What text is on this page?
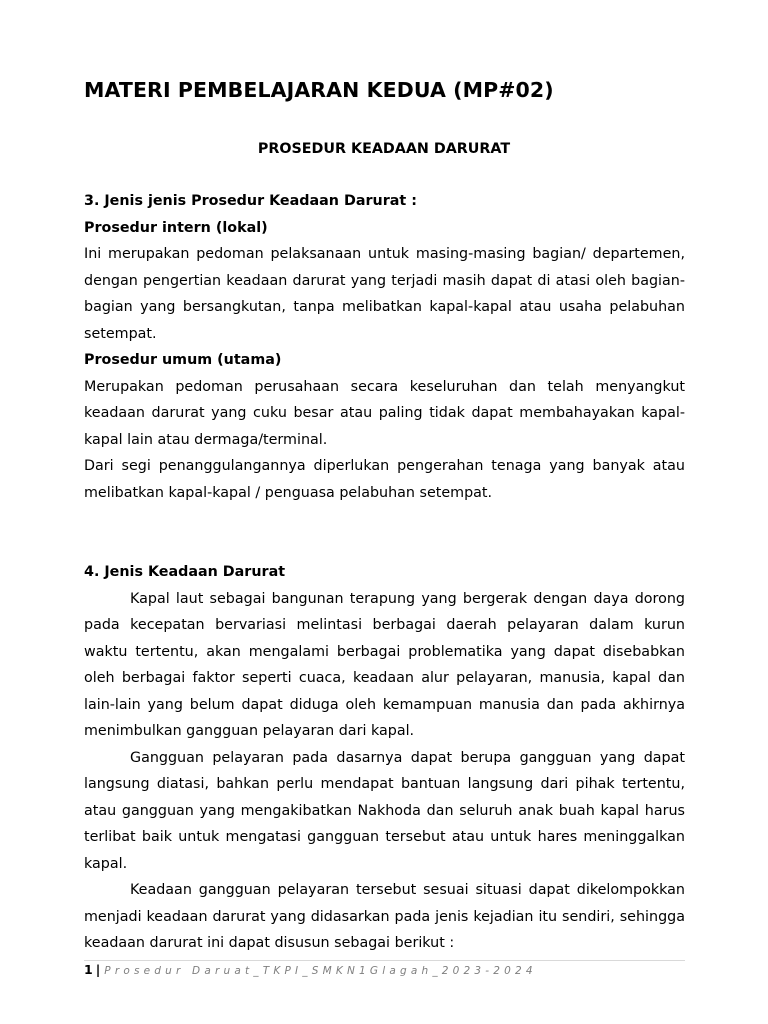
MATERI PEMBELAJARAN KEDUA (MP#02)
PROSEDUR KEADAAN DARURAT
3. Jenis jenis Prosedur Keadaan Darurat :
Prosedur intern (lokal)

Ini merupakan pedoman pelaksanaan untuk masing-masing bagian/ departemen, dengan pengertian keadaan darurat yang terjadi masih dapat di atasi oleh bagian-bagian yang bersangkutan, tanpa melibatkan kapal-kapal atau usaha pelabuhan setempat.

Prosedur umum (utama)

Merupakan pedoman perusahaan secara keseluruhan dan telah menyangkut keadaan darurat yang cuku besar atau paling tidak dapat membahayakan kapal-kapal lain atau dermaga/terminal.

Dari segi penanggulangannya diperlukan pengerahan tenaga yang banyak atau melibatkan kapal-kapal / penguasa pelabuhan setempat.

4. Jenis Keadaan Darurat

Kapal laut sebagai bangunan terapung yang bergerak dengan daya dorong pada kecepatan bervariasi melintasi berbagai daerah pelayaran dalam kurun waktu tertentu, akan mengalami berbagai problematika yang dapat disebabkan oleh berbagai faktor seperti cuaca, keadaan alur pelayaran, manusia, kapal dan lain-lain yang belum dapat diduga oleh kemampuan manusia dan pada akhirnya menimbulkan gangguan pelayaran dari kapal.

Gangguan pelayaran pada dasarnya dapat berupa gangguan yang dapat langsung diatasi, bahkan perlu mendapat bantuan langsung dari pihak tertentu, atau gangguan yang mengakibatkan Nakhoda dan seluruh anak buah kapal harus terlibat baik untuk mengatasi gangguan tersebut atau untuk hares meninggalkan kapal.

Keadaan gangguan pelayaran tersebut sesuai situasi dapat dikelompokkan menjadi keadaan darurat yang didasarkan pada jenis kejadian itu sendiri, sehingga keadaan darurat ini dapat disusun sebagai berikut :

1 | Prosedur Daruat_TKPI_SMKN1Glagah_2023-2024
